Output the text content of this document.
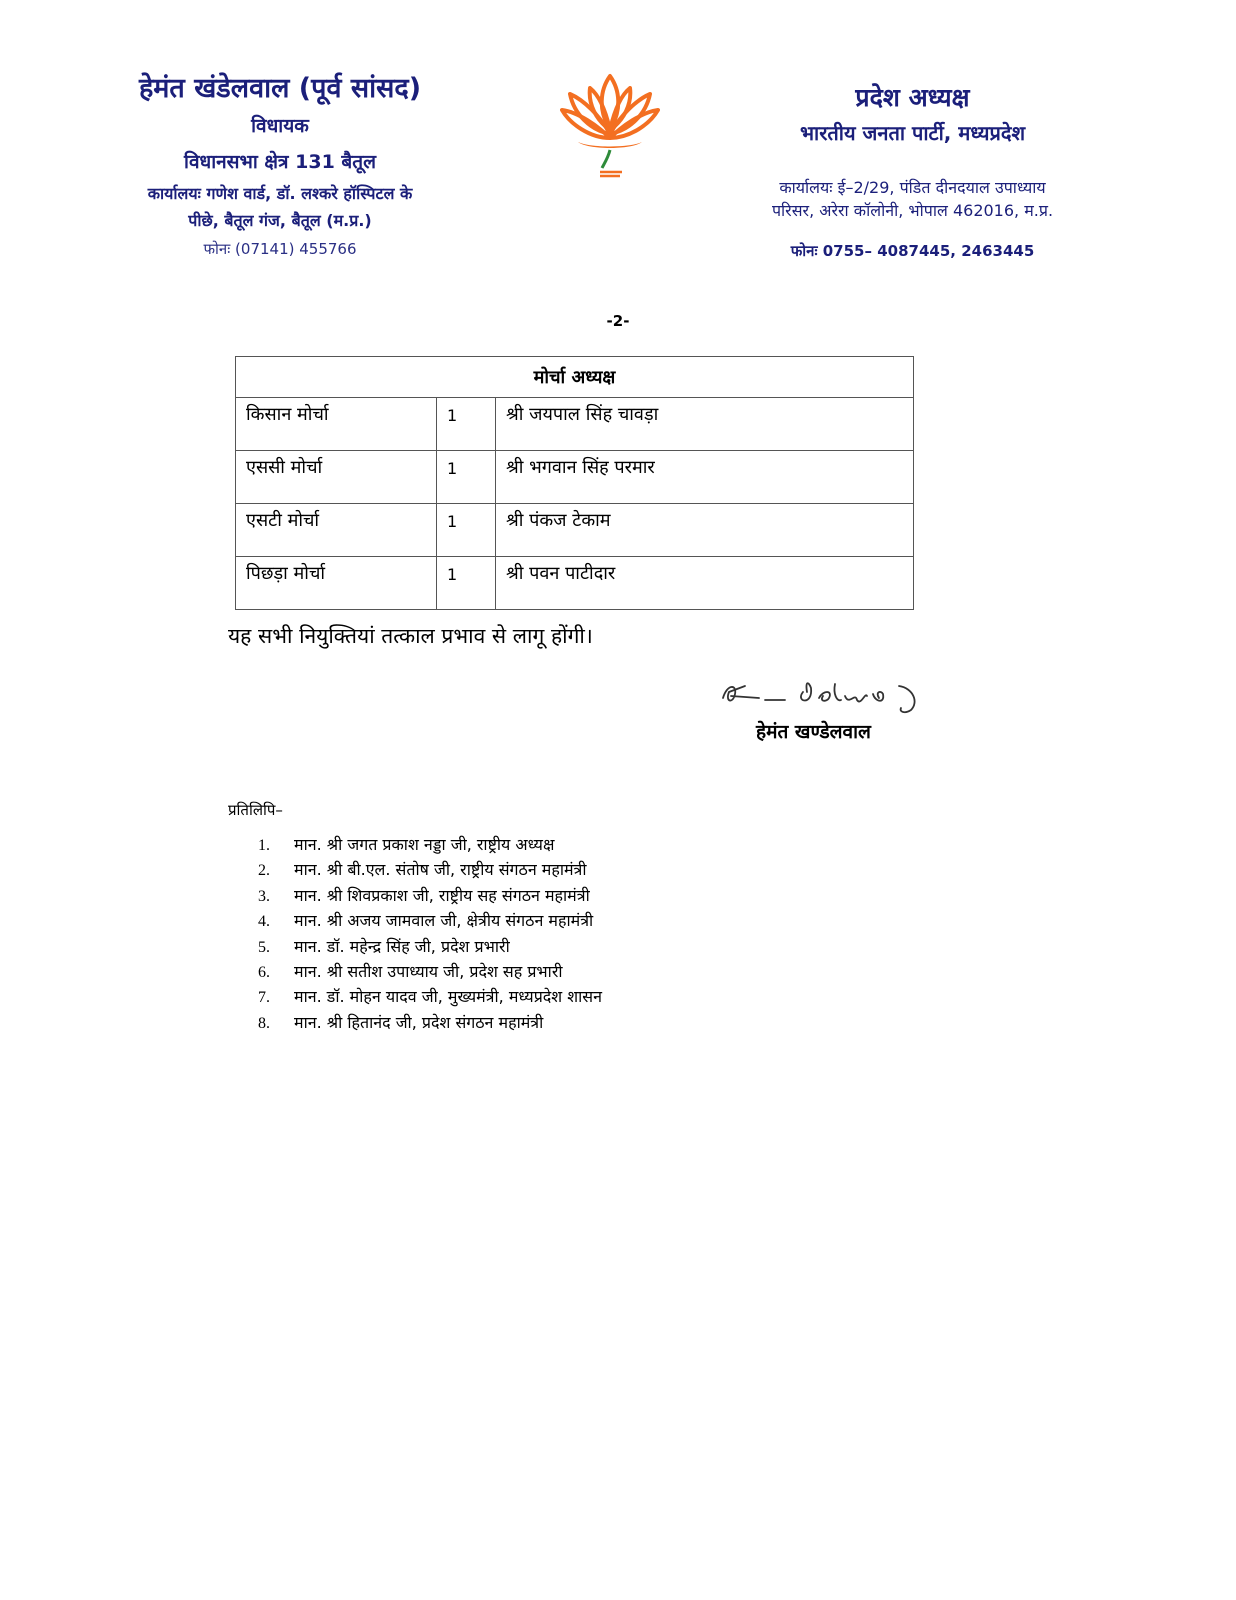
हेमंत खंडेलवाल (पूर्व सांसद)
विधायक
विधानसभा क्षेत्र 131 बैतूल
कार्यालयः गणेश वार्ड, डॉ. लश्करे हॉस्पिटल के
पीछे, बैतूल गंज, बैतूल (म.प्र.)
फोनः (07141) 455766
प्रदेश अध्यक्ष
भारतीय जनता पार्टी, मध्यप्रदेश
कार्यालयः ई–2/29, पंडित दीनदयाल उपाध्याय
परिसर, अरेरा कॉलोनी, भोपाल 462016, म.प्र.
फोनः 0755– 4087445, 2463445
-2-
मोर्चा अध्यक्ष		
किसान मोर्चा	1	श्री जयपाल सिंह चावड़ा
एससी मोर्चा	1	श्री भगवान सिंह परमार
एसटी मोर्चा	1	श्री पंकज टेकाम
पिछड़ा मोर्चा	1	श्री पवन पाटीदार
यह सभी नियुक्तियां तत्काल प्रभाव से लागू होंगी।
हेमंत खण्डेलवाल
प्रतिलिपि–
1. मान. श्री जगत प्रकाश नड्डा जी, राष्ट्रीय अध्यक्ष
2. मान. श्री बी.एल. संतोष जी, राष्ट्रीय संगठन महामंत्री
3. मान. श्री शिवप्रकाश जी, राष्ट्रीय सह संगठन महामंत्री
4. मान. श्री अजय जामवाल जी, क्षेत्रीय संगठन महामंत्री
5. मान. डॉ. महेन्द्र सिंह जी, प्रदेश प्रभारी
6. मान. श्री सतीश उपाध्याय जी, प्रदेश सह प्रभारी
7. मान. डॉ. मोहन यादव जी, मुख्यमंत्री, मध्यप्रदेश शासन
8. मान. श्री हितानंद जी, प्रदेश संगठन महामंत्री
